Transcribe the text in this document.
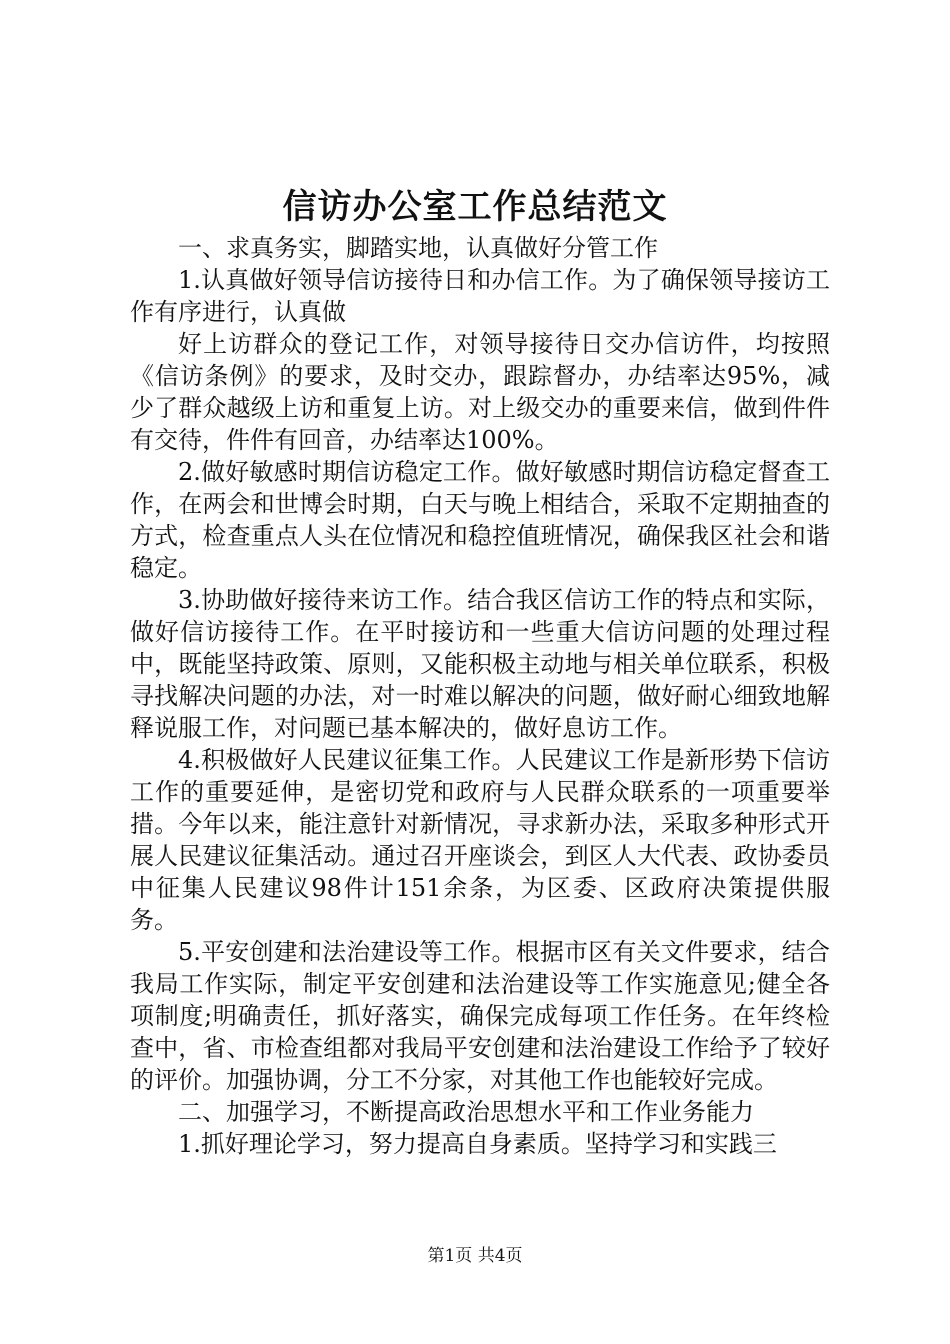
信访办公室工作总结范文

一、求真务实，脚踏实地，认真做好分管工作

1.认真做好领导信访接待日和办信工作。为了确保领导接访工作有序进行，认真做

好上访群众的登记工作，对领导接待日交办信访件，均按照《信访条例》的要求，及时交办，跟踪督办，办结率达95%，减少了群众越级上访和重复上访。对上级交办的重要来信，做到件件有交待，件件有回音，办结率达100%。

2.做好敏感时期信访稳定工作。做好敏感时期信访稳定督查工作，在两会和世博会时期，白天与晚上相结合，采取不定期抽查的方式，检查重点人头在位情况和稳控值班情况，确保我区社会和谐稳定。

3.协助做好接待来访工作。结合我区信访工作的特点和实际，做好信访接待工作。在平时接访和一些重大信访问题的处理过程中，既能坚持政策、原则，又能积极主动地与相关单位联系，积极寻找解决问题的办法，对一时难以解决的问题，做好耐心细致地解释说服工作，对问题已基本解决的，做好息访工作。

4.积极做好人民建议征集工作。人民建议工作是新形势下信访工作的重要延伸，是密切党和政府与人民群众联系的一项重要举措。今年以来，能注意针对新情况，寻求新办法，采取多种形式开展人民建议征集活动。通过召开座谈会，到区人大代表、政协委员中征集人民建议98件计151余条，为区委、区政府决策提供服务。

5.平安创建和法治建设等工作。根据市区有关文件要求，结合我局工作实际，制定平安创建和法治建设等工作实施意见;健全各项制度;明确责任，抓好落实，确保完成每项工作任务。在年终检查中，省、市检查组都对我局平安创建和法治建设工作给予了较好的评价。加强协调，分工不分家，对其他工作也能较好完成。

二、加强学习，不断提高政治思想水平和工作业务能力

1.抓好理论学习，努力提高自身素质。坚持学习和实践三

第1页 共4页
